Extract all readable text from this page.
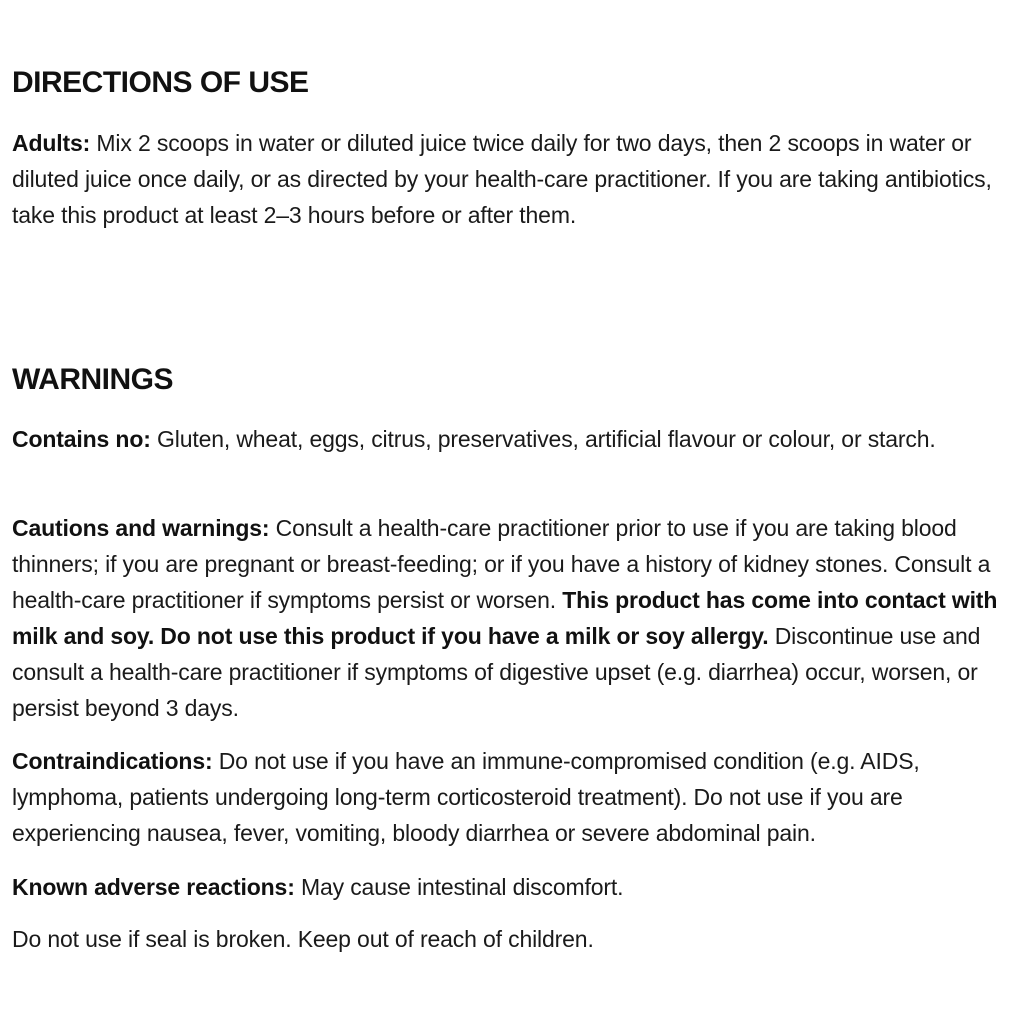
DIRECTIONS OF USE

Adults: Mix 2 scoops in water or diluted juice twice daily for two days, then 2 scoops in water or diluted juice once daily, or as directed by your health-care practitioner. If you are taking antibiotics, take this product at least 2–3 hours before or after them.

WARNINGS

Contains no: Gluten, wheat, eggs, citrus, preservatives, artificial flavour or colour, or starch.

Cautions and warnings: Consult a health-care practitioner prior to use if you are taking blood thinners; if you are pregnant or breast-feeding; or if you have a history of kidney stones. Consult a health-care practitioner if symptoms persist or worsen. This product has come into contact with milk and soy. Do not use this product if you have a milk or soy allergy. Discontinue use and consult a health-care practitioner if symptoms of digestive upset (e.g. diarrhea) occur, worsen, or persist beyond 3 days.

Contraindications: Do not use if you have an immune-compromised condition (e.g. AIDS, lymphoma, patients undergoing long-term corticosteroid treatment). Do not use if you are experiencing nausea, fever, vomiting, bloody diarrhea or severe abdominal pain.

Known adverse reactions: May cause intestinal discomfort.

Do not use if seal is broken. Keep out of reach of children.
